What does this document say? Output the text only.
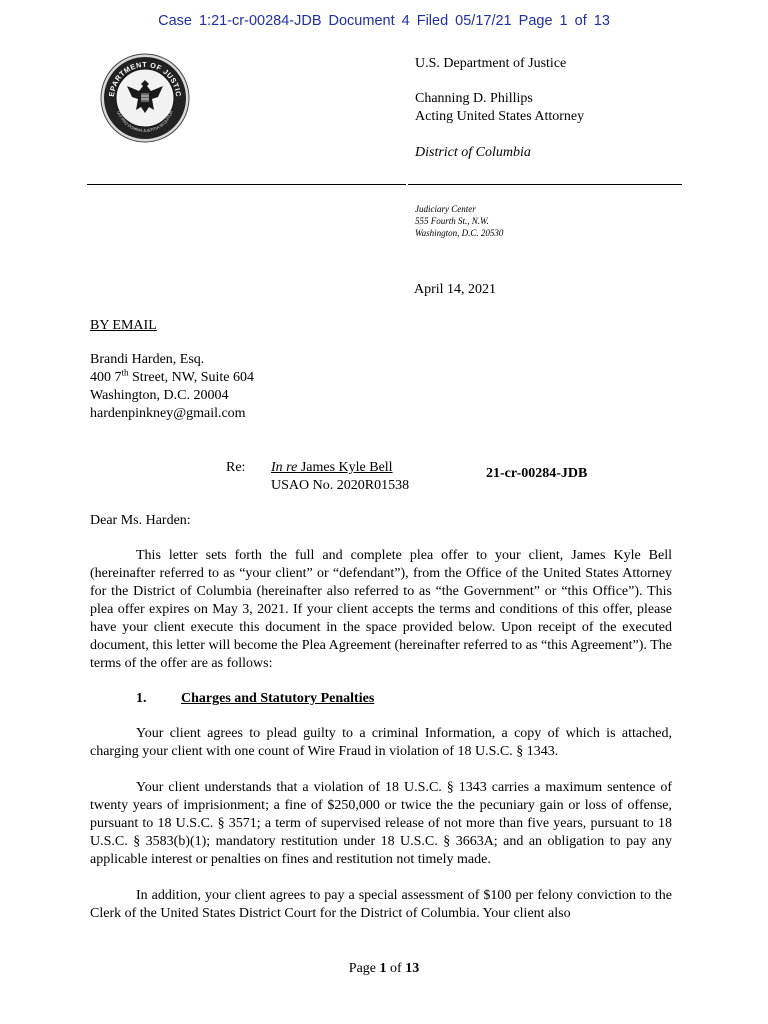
Case 1:21-cr-00284-JDB Document 4 Filed 05/17/21 Page 1 of 13
EPARTMENT OF JUSTIC
QUI PRO DOMINA JUSTITIA SEQUITUR
U.S. Department of Justice
Channing D. Phillips
Acting United States Attorney
District of Columbia
Judiciary Center
555 Fourth St., N.W.
Washington, D.C. 20530
April 14, 2021
BY EMAIL
Brandi Harden, Esq.
400 7th Street, NW, Suite 604
Washington, D.C. 20004
hardenpinkney@gmail.com
Re: In re James Kyle Bell
USAO No. 2020R01538
21-cr-00284-JDB
Dear Ms. Harden:
This letter sets forth the full and complete plea offer to your client, James Kyle Bell (hereinafter referred to as “your client” or “defendant”), from the Office of the United States Attorney for the District of Columbia (hereinafter also referred to as “the Government” or “this Office”). This plea offer expires on May 3, 2021. If your client accepts the terms and conditions of this offer, please have your client execute this document in the space provided below. Upon receipt of the executed document, this letter will become the Plea Agreement (hereinafter referred to as “this Agreement”). The terms of the offer are as follows:
1. Charges and Statutory Penalties
Your client agrees to plead guilty to a criminal Information, a copy of which is attached, charging your client with one count of Wire Fraud in violation of 18 U.S.C. § 1343.
Your client understands that a violation of 18 U.S.C. § 1343 carries a maximum sentence of twenty years of imprisionment; a fine of $250,000 or twice the the pecuniary gain or loss of offense, pursuant to 18 U.S.C. § 3571; a term of supervised release of not more than five years, pursuant to 18 U.S.C. § 3583(b)(1); mandatory restitution under 18 U.S.C. § 3663A; and an obligation to pay any applicable interest or penalties on fines and restitution not timely made.
In addition, your client agrees to pay a special assessment of $100 per felony conviction to the Clerk of the United States District Court for the District of Columbia. Your client also
Page 1 of 13
